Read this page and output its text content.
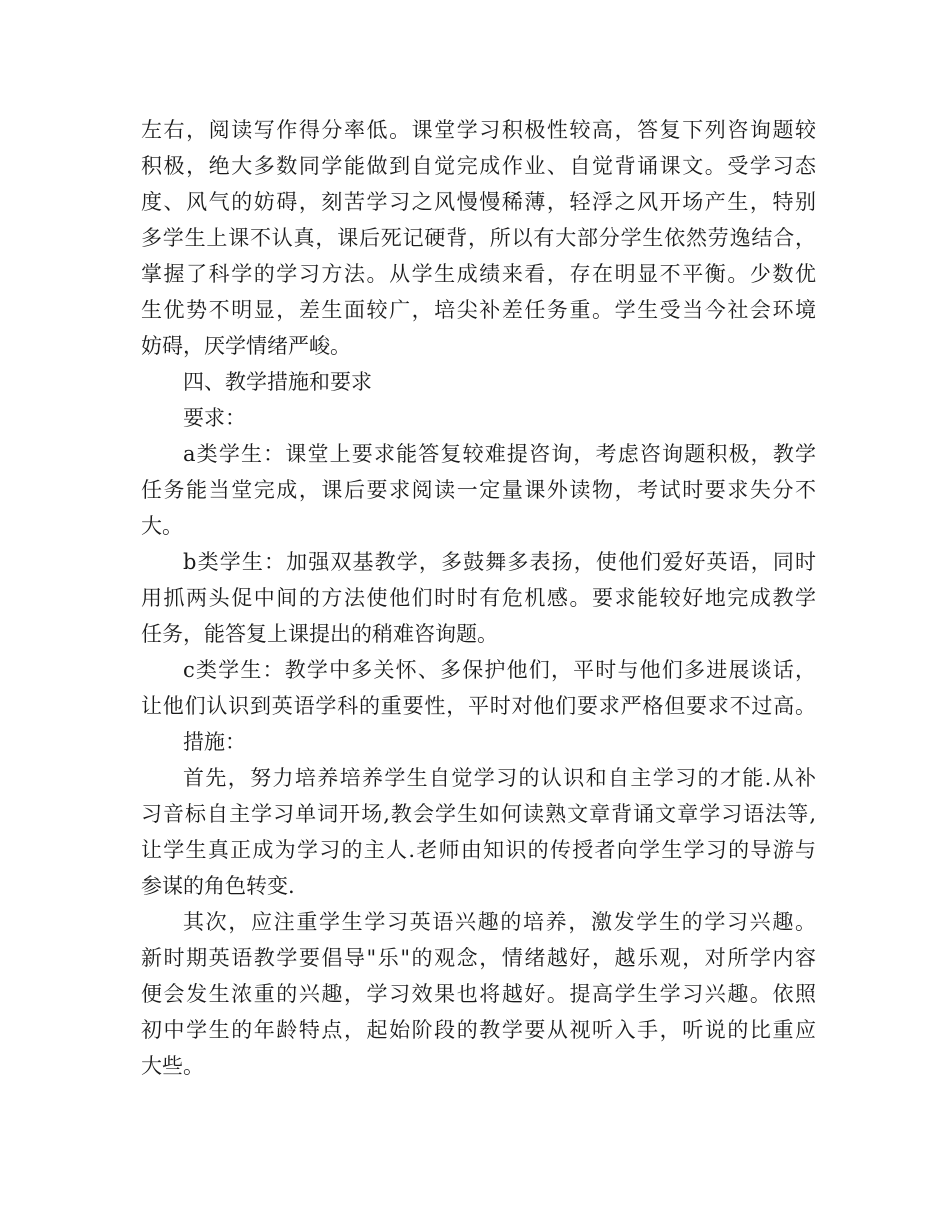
左右，阅读写作得分率低。课堂学习积极性较高，答复下列咨询题较
积极，绝大多数同学能做到自觉完成作业、自觉背诵课文。受学习态
度、风气的妨碍，刻苦学习之风慢慢稀薄，轻浮之风开场产生，特别
多学生上课不认真，课后死记硬背，所以有大部分学生依然劳逸结合，
掌握了科学的学习方法。从学生成绩来看，存在明显不平衡。少数优
生优势不明显，差生面较广，培尖补差任务重。学生受当今社会环境
妨碍，厌学情绪严峻。
四、教学措施和要求
要求：
a类学生：课堂上要求能答复较难提咨询，考虑咨询题积极，教学
任务能当堂完成，课后要求阅读一定量课外读物，考试时要求失分不
大。
b类学生：加强双基教学，多鼓舞多表扬，使他们爱好英语，同时
用抓两头促中间的方法使他们时时有危机感。要求能较好地完成教学
任务，能答复上课提出的稍难咨询题。
c类学生：教学中多关怀、多保护他们，平时与他们多进展谈话，
让他们认识到英语学科的重要性，平时对他们要求严格但要求不过高。
措施：
首先，努力培养培养学生自觉学习的认识和自主学习的才能.从补
习音标自主学习单词开场,教会学生如何读熟文章背诵文章学习语法等,
让学生真正成为学习的主人.老师由知识的传授者向学生学习的导游与
参谋的角色转变.
其次，应注重学生学习英语兴趣的培养，激发学生的学习兴趣。
新时期英语教学要倡导"乐"的观念，情绪越好，越乐观，对所学内容
便会发生浓重的兴趣，学习效果也将越好。提高学生学习兴趣。依照
初中学生的年龄特点，起始阶段的教学要从视听入手，听说的比重应
大些。
